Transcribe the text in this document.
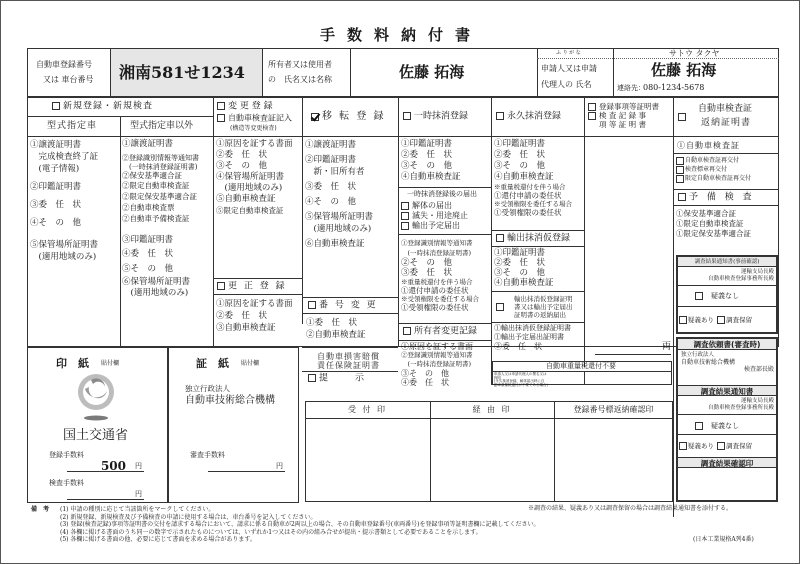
手数料納付書
自動車登録番号
又は 車台番号 湘南581せ1234	所有者又は使用者
の　氏名又は名称	佐藤 拓海
ふ り が な
申請人又は申請
代理人の 氏名
サトウ タクヤ
佐藤 拓海
連絡先：
080-1234-5678
新規登録・新規検査
型式指定車	型式指定車以外
①譲渡証明書
　完成検査終了証
　(電子情報)
②印鑑証明書
③委　任　状
④そ　の　他
⑤保管場所証明書
　(適用地域のみ)
①譲渡証明書
②登録識別情報等通知書
　(一時抹消登録証明書)
②保安基準適合証
②限定自動車検査証
②限定保安基準適合証
②自動車検査票
②自動車予備検査証
③印鑑証明書
④委　任　状
⑤そ　の　他
⑥保管場所証明書
　(適用地域のみ)
変 更 登 録
自動車検査証記入
(構造等変更検査)
①原因を証する書面
②委　任　状
③そ　の　他
④保管場所証明書
　(適用地域のみ)
⑤自動車検査証
⑤限定自動車検査証
更 正 登 録
①原因を証する書面
②委　任　状
③自動車検査証
移 転 登 録
①譲渡証明書
②印鑑証明書
　新・旧所有者
③委　任　状
④そ　の　他
⑤保管場所証明書
　(適用地域のみ)
⑥自動車検査証
番 号 変 更
①委　任　状
②自動車検査証
自動車損害賠償
責任保険証明書
提　　　示
一時抹消登録
①印鑑証明書
②委　任　状
③そ　の　他
④自動車検査証
一時抹消登録後の届出
解体の届出
滅失・用途廃止
輸出予定届出
①登録識別情報等通知書
　(一時抹消登録証明書)
②そ　の　他
③委　任　状
※重量税還付を伴う場合
①還付申請の委任状
※受領権限を委任する場合
①受領権限の委任状
所有者変更記録
①原因を証する書面
②登録識別情報等通知書
　(一時抹消登録証明書)
③そ　の　他
④委　任　状
永久抹消登録
①印鑑証明書
②委　任　状
③そ　の　他
④自動車検査証
※重量税還付を伴う場合
①還付申請の委任状
※受領権限を委任する場合
①受領権限の委任状
輸出抹消仮登録
①印鑑証明書
②委　任　状
③そ　の　他
④自動車検査証
輸出抹消仮登録証明
書又は輸出予定届出
証明書の返納届出
①輸出抹消仮登録証明書
①輸出予定届出証明書
②委　任　状
登録事項等証明書
検 査 記 録 事
項 等 証 明 書
両
自動車重量税還付不要
申請人又は申請代理人の署名又は
押印
(永久抹消登録、解体届出時に自
動車重量税還付が不要である場合)
自動車検査証
返納証明書
①自動車検査証
自動車検査証再交付
検査標章再交付
限定自動車検査証再交付
予 備 検 査
①保安基準適合証
①限定自動車検査証
①限定保安基準適合証
調査結果通知書(事前確認)
運輸支局長殿
自動車検査登録事務所長殿
疑義なし
疑義あり 調査保留
調査依頼書(審査時)
独立行政法人
自動車技術総合機構
検査部長殿
調査結果通知書
運輸支局長殿
自動車検査登録事務所長殿
疑義なし
疑義あり 調査保留
調査結果確認印
印　紙 貼付欄
国土交通省
登録手数料
500 円
検査手数料
円
証　紙 貼付欄
独立行政法人
自動車技術総合機構
審査手数料
円
受 付 印	経 由 印	登録番号標返納確認印
※調査の結果、疑義あり又は調査保留の場合は調査結果通知書を添付する。
備　考 (1) 申請の種別に応じて当該箇所をマークしてください。
(2) 新規登録、新規検査及び予備検査の申請に使用する場合は、車台番号を記入してください。
(3) 登録(検査記録)事項等証明書の交付を請求する場合において、請求に係る自動車が2両以上の場合、その自動車登録番号(車両番号)を登録事項等証明書欄に記載してください。
(4) 各欄に掲げる書面のうち同一の数字で示されたものについては、いずれか1つ又はその内の組み合せが提出・提示書類として必要であることを示します。
(5) 各欄に掲げる書面の他、必要に応じて書面を求める場合があります。	(日本工業規格A列4番)
